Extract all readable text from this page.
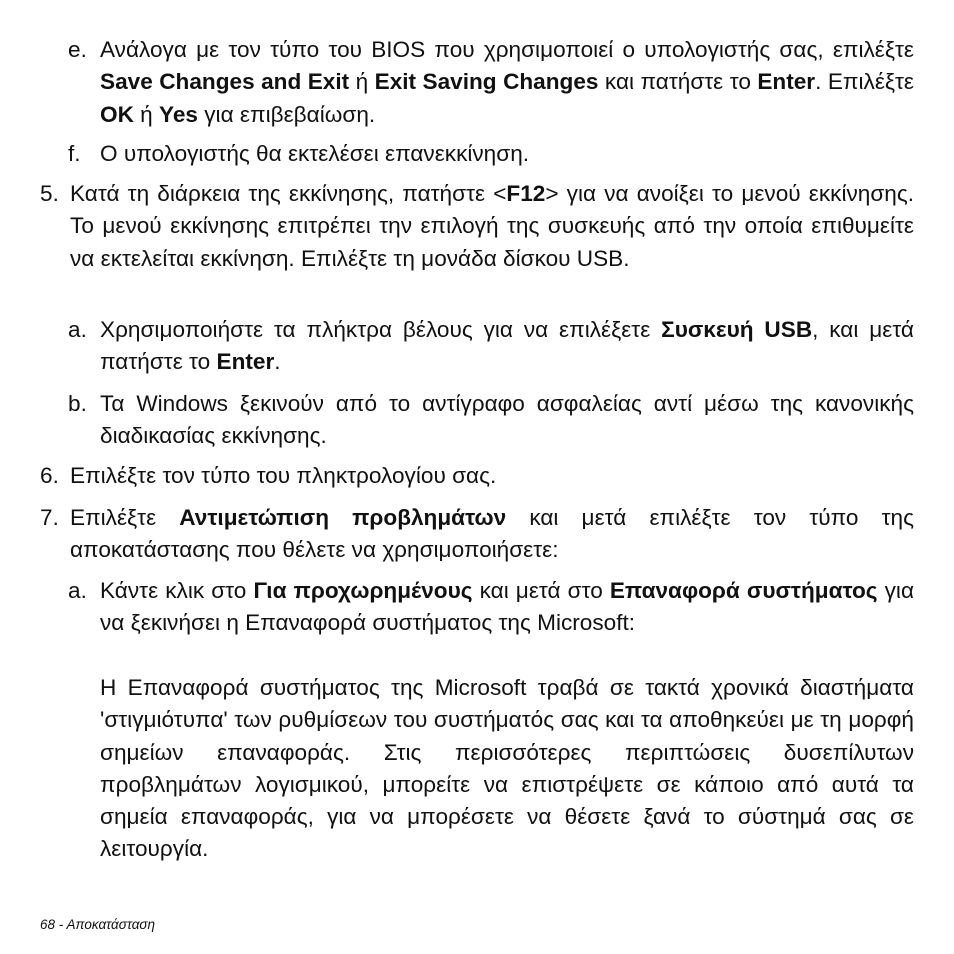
e. Ανάλογα με τον τύπο του BIOS που χρησιμοποιεί ο υπολογιστής σας, επιλέξτε Save Changes and Exit ή Exit Saving Changes και πατήστε το Enter. Επιλέξτε OK ή Yes για επιβεβαίωση.
f. Ο υπολογιστής θα εκτελέσει επανεκκίνηση.
5. Κατά τη διάρκεια της εκκίνησης, πατήστε <F12> για να ανοίξει το μενού εκκίνησης. Το μενού εκκίνησης επιτρέπει την επιλογή της συσκευής από την οποία επιθυμείτε να εκτελείται εκκίνηση. Επιλέξτε τη μονάδα δίσκου USB.
a. Χρησιμοποιήστε τα πλήκτρα βέλους για να επιλέξετε Συσκευή USB, και μετά πατήστε το Enter.
b. Τα Windows ξεκινούν από το αντίγραφο ασφαλείας αντί μέσω της κανονικής διαδικασίας εκκίνησης.
6. Επιλέξτε τον τύπο του πληκτρολογίου σας.
7. Επιλέξτε Αντιμετώπιση προβλημάτων και μετά επιλέξτε τον τύπο της αποκατάστασης που θέλετε να χρησιμοποιήσετε:
a. Κάντε κλικ στο Για προχωρημένους και μετά στο Επαναφορά συστήματος για να ξεκινήσει η Επαναφορά συστήματος της Microsoft:
Η Επαναφορά συστήματος της Microsoft τραβά σε τακτά χρονικά διαστήματα 'στιγμιότυπα' των ρυθμίσεων του συστήματός σας και τα αποθηκεύει με τη μορφή σημείων επαναφοράς. Στις περισσότερες περιπτώσεις δυσεπίλυτων προβλημάτων λογισμικού, μπορείτε να επιστρέψετε σε κάποιο από αυτά τα σημεία επαναφοράς, για να μπορέσετε να θέσετε ξανά το σύστημά σας σε λειτουργία.
68 - Αποκατάσταση
